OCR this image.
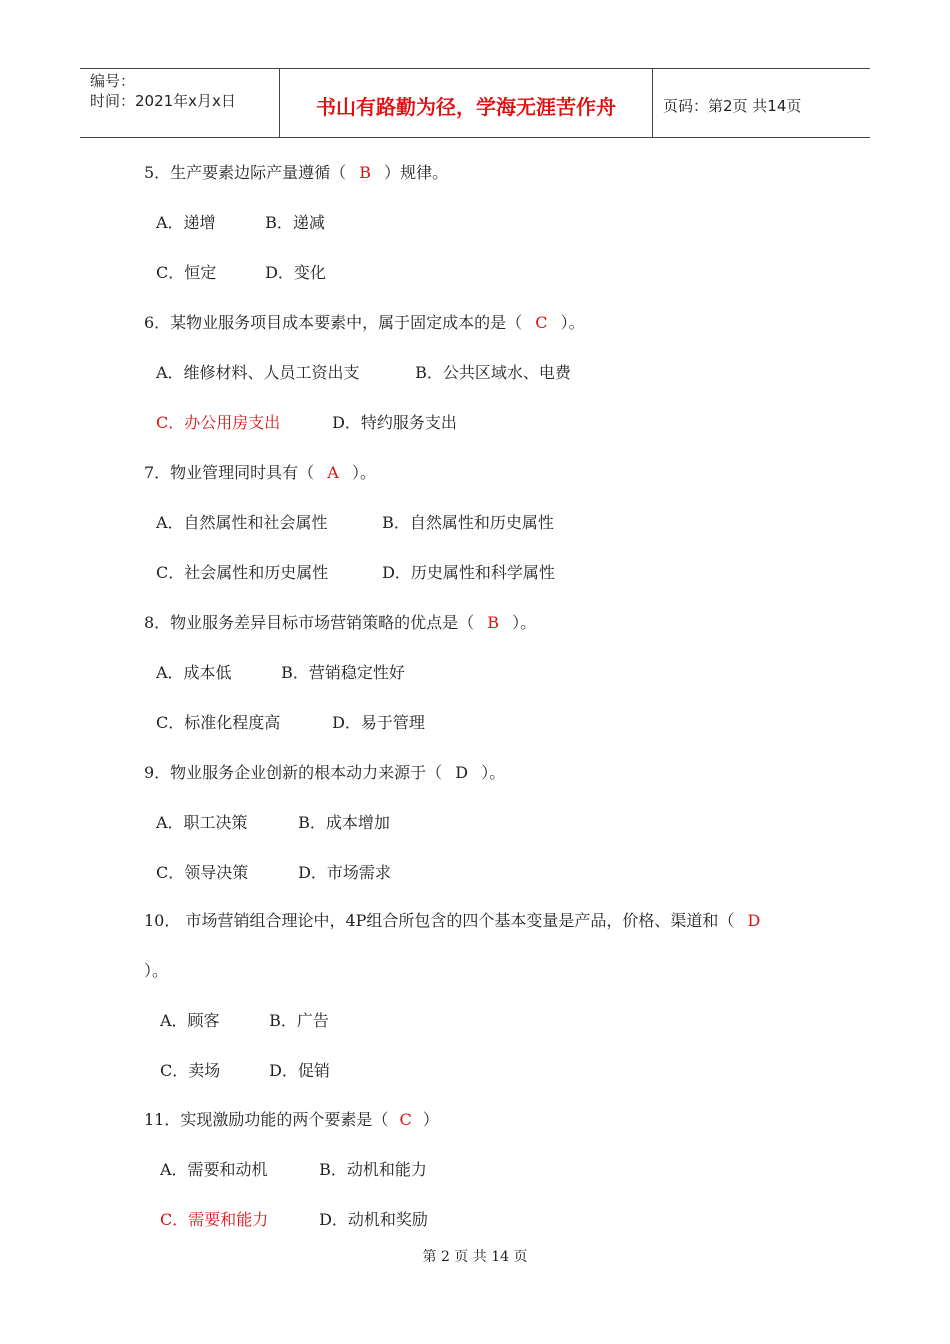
编号：
时间：2021年x月x日	书山有路勤为径，学海无涯苦作舟	页码：第2页 共14页
5．生产要素边际产量遵循（ B ）规律。
A．递增	B．递减
C．恒定	D．变化
6．某物业服务项目成本要素中，属于固定成本的是（ C ）。
A．维修材料、人员工资出支	B．公共区域水、电费
C．办公用房支出	D．特约服务支出
7．物业管理同时具有（ A ）。
A．自然属性和社会属性	B．自然属性和历史属性
C．社会属性和历史属性	D．历史属性和科学属性
8．物业服务差异目标市场营销策略的优点是（ B ）。
A．成本低	B．营销稳定性好
C．标准化程度高	D．易于管理
9．物业服务企业创新的根本动力来源于（ D ）。
A．职工决策	B．成本增加
C．领导决策	D．市场需求
10． 市场营销组合理论中，4P组合所包含的四个基本变量是产品，价格、渠道和（ D
）。
A．顾客	B．广告
C．卖场	D．促销
11．实现激励功能的两个要素是（ C ）
A．需要和动机	B．动机和能力
C．需要和能力	D．动机和奖励
第 2 页 共 14 页
